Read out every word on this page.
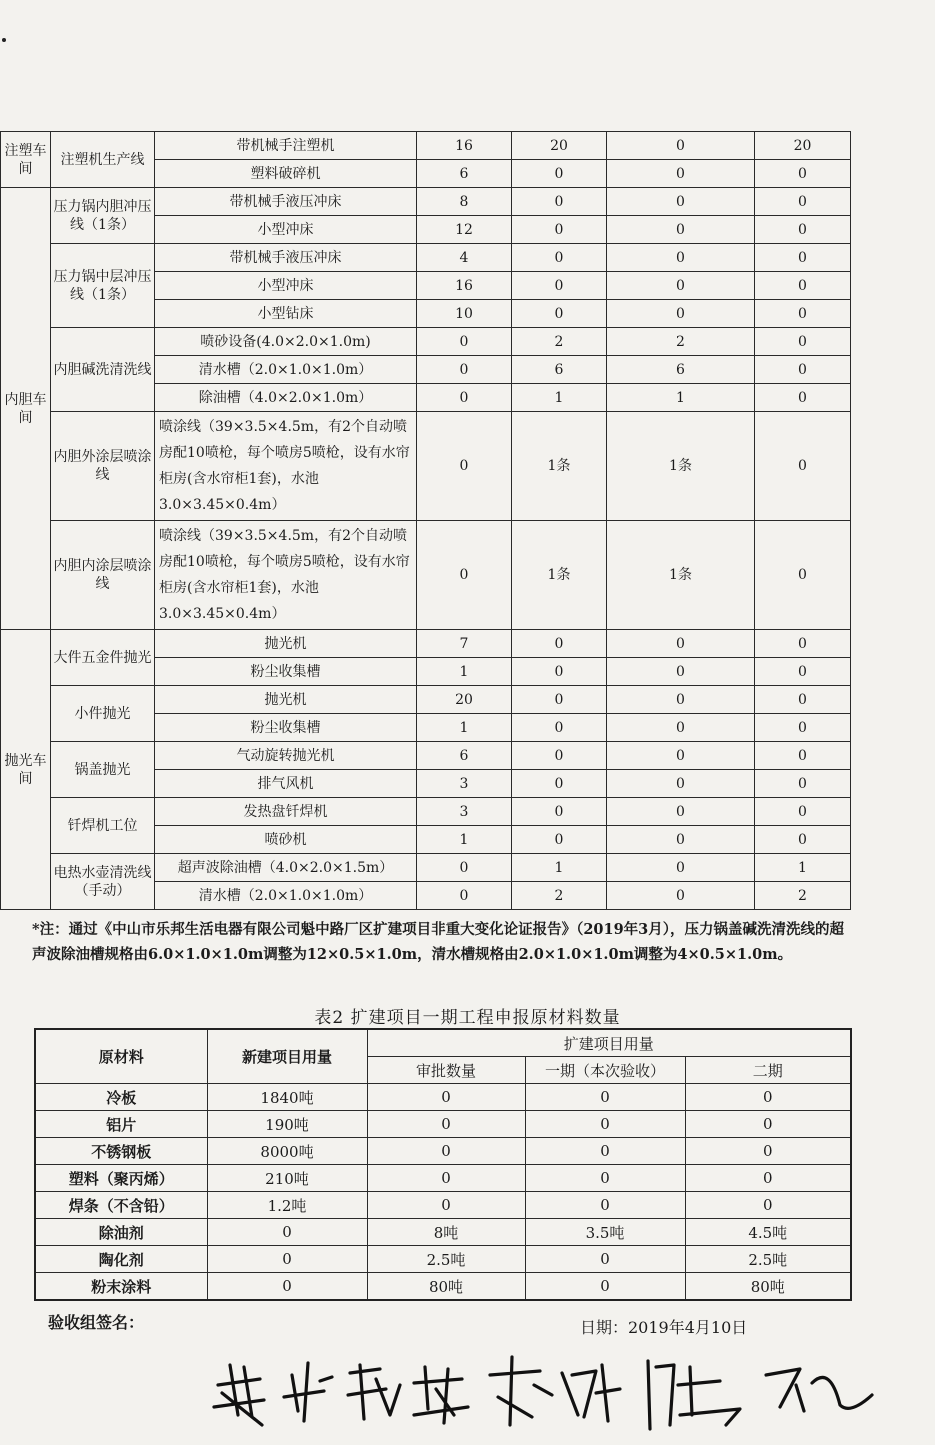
注塑车间	注塑机生产线	带机械手注塑机	16	20	0	20
		塑料破碎机	6	0	0	0
内胆车间	压力锅内胆冲压线（1条）	带机械手液压冲床	8	0	0	0
		小型冲床	12	0	0	0
	压力锅中层冲压线（1条）	带机械手液压冲床	4	0	0	0
		小型冲床	16	0	0	0
		小型钻床	10	0	0	0
	内胆碱洗清洗线	喷砂设备(4.0×2.0×1.0m)	0	2	2	0
		清水槽（2.0×1.0×1.0m）	0	6	6	0
		除油槽（4.0×2.0×1.0m）	0	1	1	0
	内胆外涂层喷涂线	喷涂线（39×3.5×4.5m，有2个自动喷房配10喷枪，每个喷房5喷枪，设有水帘柜房(含水帘柜1套)，水池3.0×3.45×0.4m）	0	1条	1条	0
	内胆内涂层喷涂线	喷涂线（39×3.5×4.5m，有2个自动喷房配10喷枪，每个喷房5喷枪，设有水帘柜房(含水帘柜1套)，水池3.0×3.45×0.4m）	0	1条	1条	0
抛光车间	大件五金件抛光	抛光机	7	0	0	0
		粉尘收集槽	1	0	0	0
	小件抛光	抛光机	20	0	0	0
		粉尘收集槽	1	0	0	0
	锅盖抛光	气动旋转抛光机	6	0	0	0
		排气风机	3	0	0	0
	钎焊机工位	发热盘钎焊机	3	0	0	0
		喷砂机	1	0	0	0
	电热水壶清洗线（手动）	超声波除油槽（4.0×2.0×1.5m）	0	1	0	1
		清水槽（2.0×1.0×1.0m）	0	2	0	2
*注：通过《中山市乐邦生活电器有限公司魁中路厂区扩建项目非重大变化论证报告》（2019年3月），压力锅盖碱洗清洗线的超声波除油槽规格由6.0×1.0×1.0m调整为12×0.5×1.0m，清水槽规格由2.0×1.0×1.0m调整为4×0.5×1.0m。
表2 扩建项目一期工程申报原材料数量
原材料	新建项目用量	扩建项目用量		
		审批数量	一期（本次验收）	二期
冷板	1840吨	0	0	0
铝片	190吨	0	0	0
不锈钢板	8000吨	0	0	0
塑料（聚丙烯）	210吨	0	0	0
焊条（不含铅）	1.2吨	0	0	0
除油剂	0	8吨	3.5吨	4.5吨
陶化剂	0	2.5吨	0	2.5吨
粉末涂料	0	80吨	0	80吨
验收组签名：	日期：2019年4月10日
